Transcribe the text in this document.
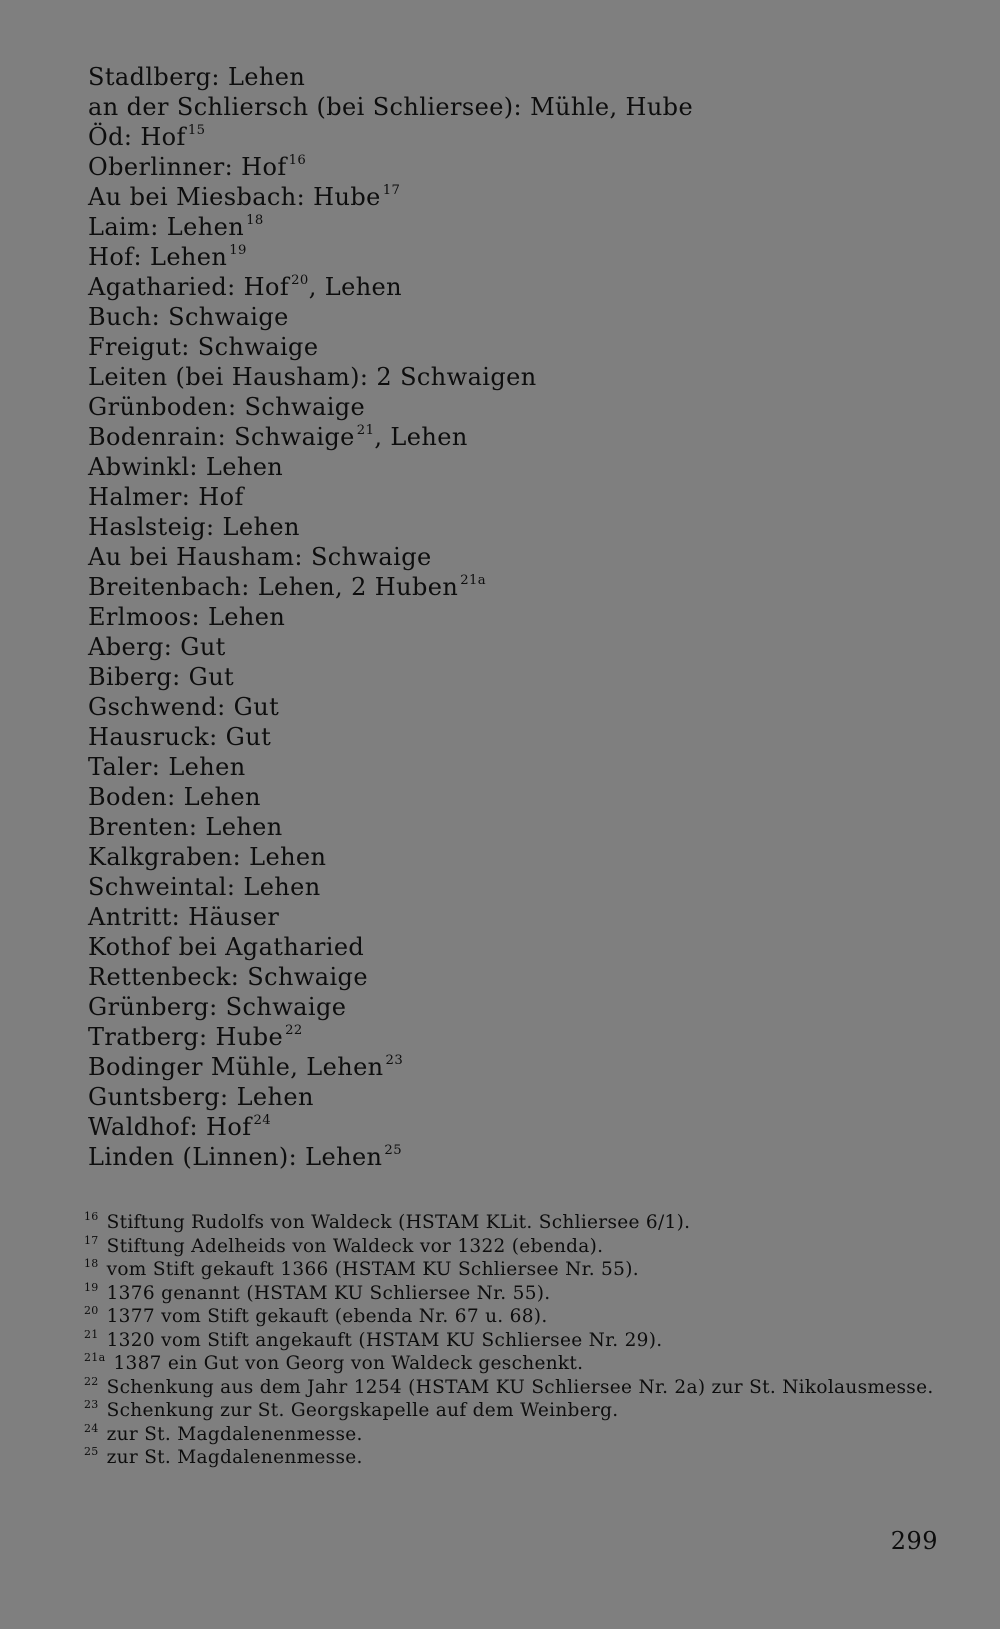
Stadlberg: Lehen
an der Schliersch (bei Schliersee): Mühle, Hube
Öd: Hof $^{15}$
Oberlinner: Hof $^{16}$
Au bei Miesbach: Hube $^{17}$
Laim: Lehen $^{18}$
Hof: Lehen $^{19}$
Agathariеd: Hof $^{20}$, Lehen
Buch: Schwaige
Freigut: Schwaige
Leiten (bei Hausham): 2 Schwaigen
Grünboden: Schwaige
Bodenrain: Schwaige $^{21}$, Lehen
Abwinkl: Lehen
Halmer: Hof
Haslsteig: Lehen
Au bei Hausham: Schwaige
Breitenbach: Lehen, 2 Huben $^{21a}$
Erlmoos: Lehen
Aberg: Gut
Biberg: Gut
Gschwend: Gut
Hausruck: Gut
Taler: Lehen
Boden: Lehen
Brenten: Lehen
Kalkgraben: Lehen
Schweintal: Lehen
Antritt: Häuser
Kothof bei Agatharied
Rettenbeck: Schwaige
Grünberg: Schwaige
Tratberg: Hube $^{22}$
Bodinger Mühle, Lehen $^{23}$
Guntsberg: Lehen
Waldhof: Hof $^{24}$
Linden (Linnen): Lehen $^{25}$
16 Stiftung Rudolfs von Waldeck (HSTAM KLit. Schliersee 6/1).
17 Stiftung Adelheids von Waldeck vor 1322 (ebenda).
18 vom Stift gekauft 1366 (HSTAM KU Schliersee Nr. 55).
19 1376 genannt (HSTAM KU Schliersee Nr. 55).
20 1377 vom Stift gekauft (ebenda Nr. 67 u. 68).
21 1320 vom Stift angekauft (HSTAM KU Schliersee Nr. 29).
21a 1387 ein Gut von Georg von Waldeck geschenkt.
22 Schenkung aus dem Jahr 1254 (HSTAM KU Schliersee Nr. 2a) zur St. Nikolausmesse.
23 Schenkung zur St. Georgskapelle auf dem Weinberg.
24 zur St. Magdalenenmesse.
25 zur St. Magdalenenmesse.
299
